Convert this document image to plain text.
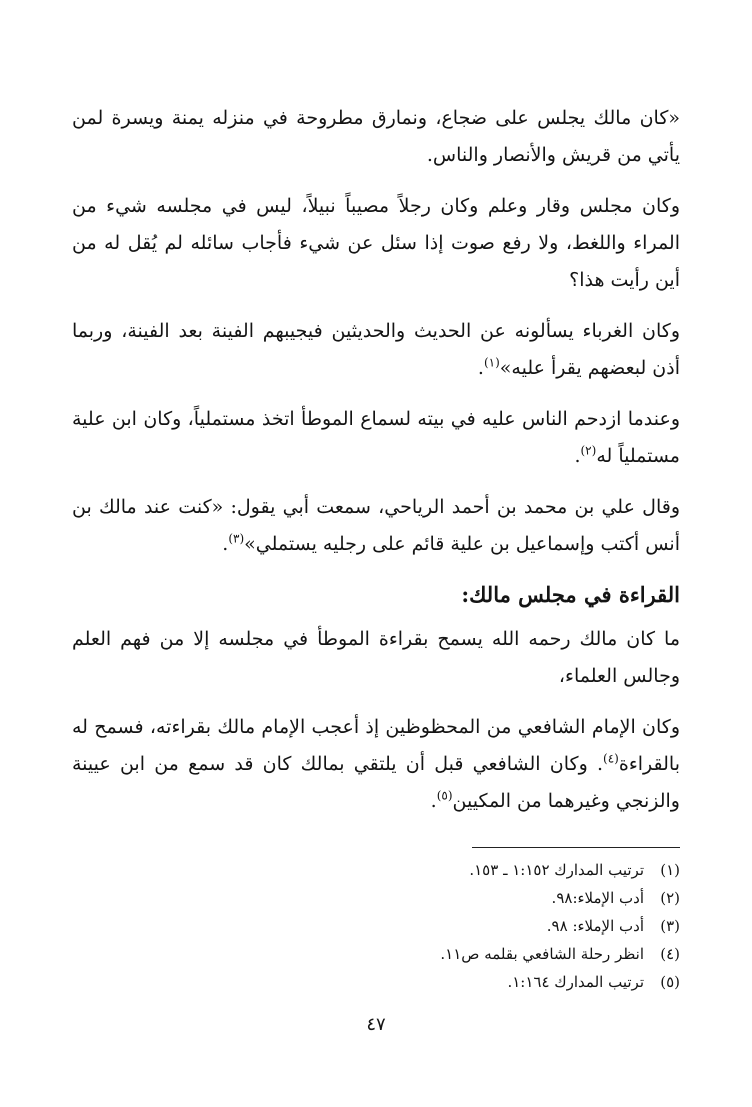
«كان مالك يجلس على ضجاع، ونمارق مطروحة في منزله يمنة ويسرة لمن يأتي من قريش والأنصار والناس.

وكان مجلس وقار وعلم وكان رجلاً مصيباً نبيلاً، ليس في مجلسه شيء من المراء واللغط، ولا رفع صوت إذا سئل عن شيء فأجاب سائله لم يُقل له من أين رأيت هذا؟

وكان الغرباء يسألونه عن الحديث والحديثين فيجيبهم الفينة بعد الفينة، وربما أذن لبعضهم يقرأ عليه»$^{(١)}$.

وعندما ازدحم الناس عليه في بيته لسماع الموطأ اتخذ مستملياً، وكان ابن علية مستملياً له$^{(٢)}$.

وقال علي بن محمد بن أحمد الرياحي، سمعت أبي يقول: «كنت عند مالك بن أنس أكتب وإسماعيل بن علية قائم على رجليه يستملي»$^{(٣)}$.

القراءة في مجلس مالك:

ما كان مالك رحمه الله يسمح بقراءة الموطأ في مجلسه إلا من فهم العلم وجالس العلماء،

وكان الإمام الشافعي من المحظوظين إذ أعجب الإمام مالك بقراءته، فسمح له بالقراءة$^{(٤)}$. وكان الشافعي قبل أن يلتقي بمالك كان قد سمع من ابن عيينة والزنجي وغيرهما من المكيين$^{(٥)}$.

(١)
ترتيب المدارك ١:١٥٢ ـ ١٥٣.
(٢)
أدب الإملاء:٩٨.
(٣)
أدب الإملاء: ٩٨.
(٤)
انظر رحلة الشافعي بقلمه ص١١.
(٥)
ترتيب المدارك ١:١٦٤.
٤٧
